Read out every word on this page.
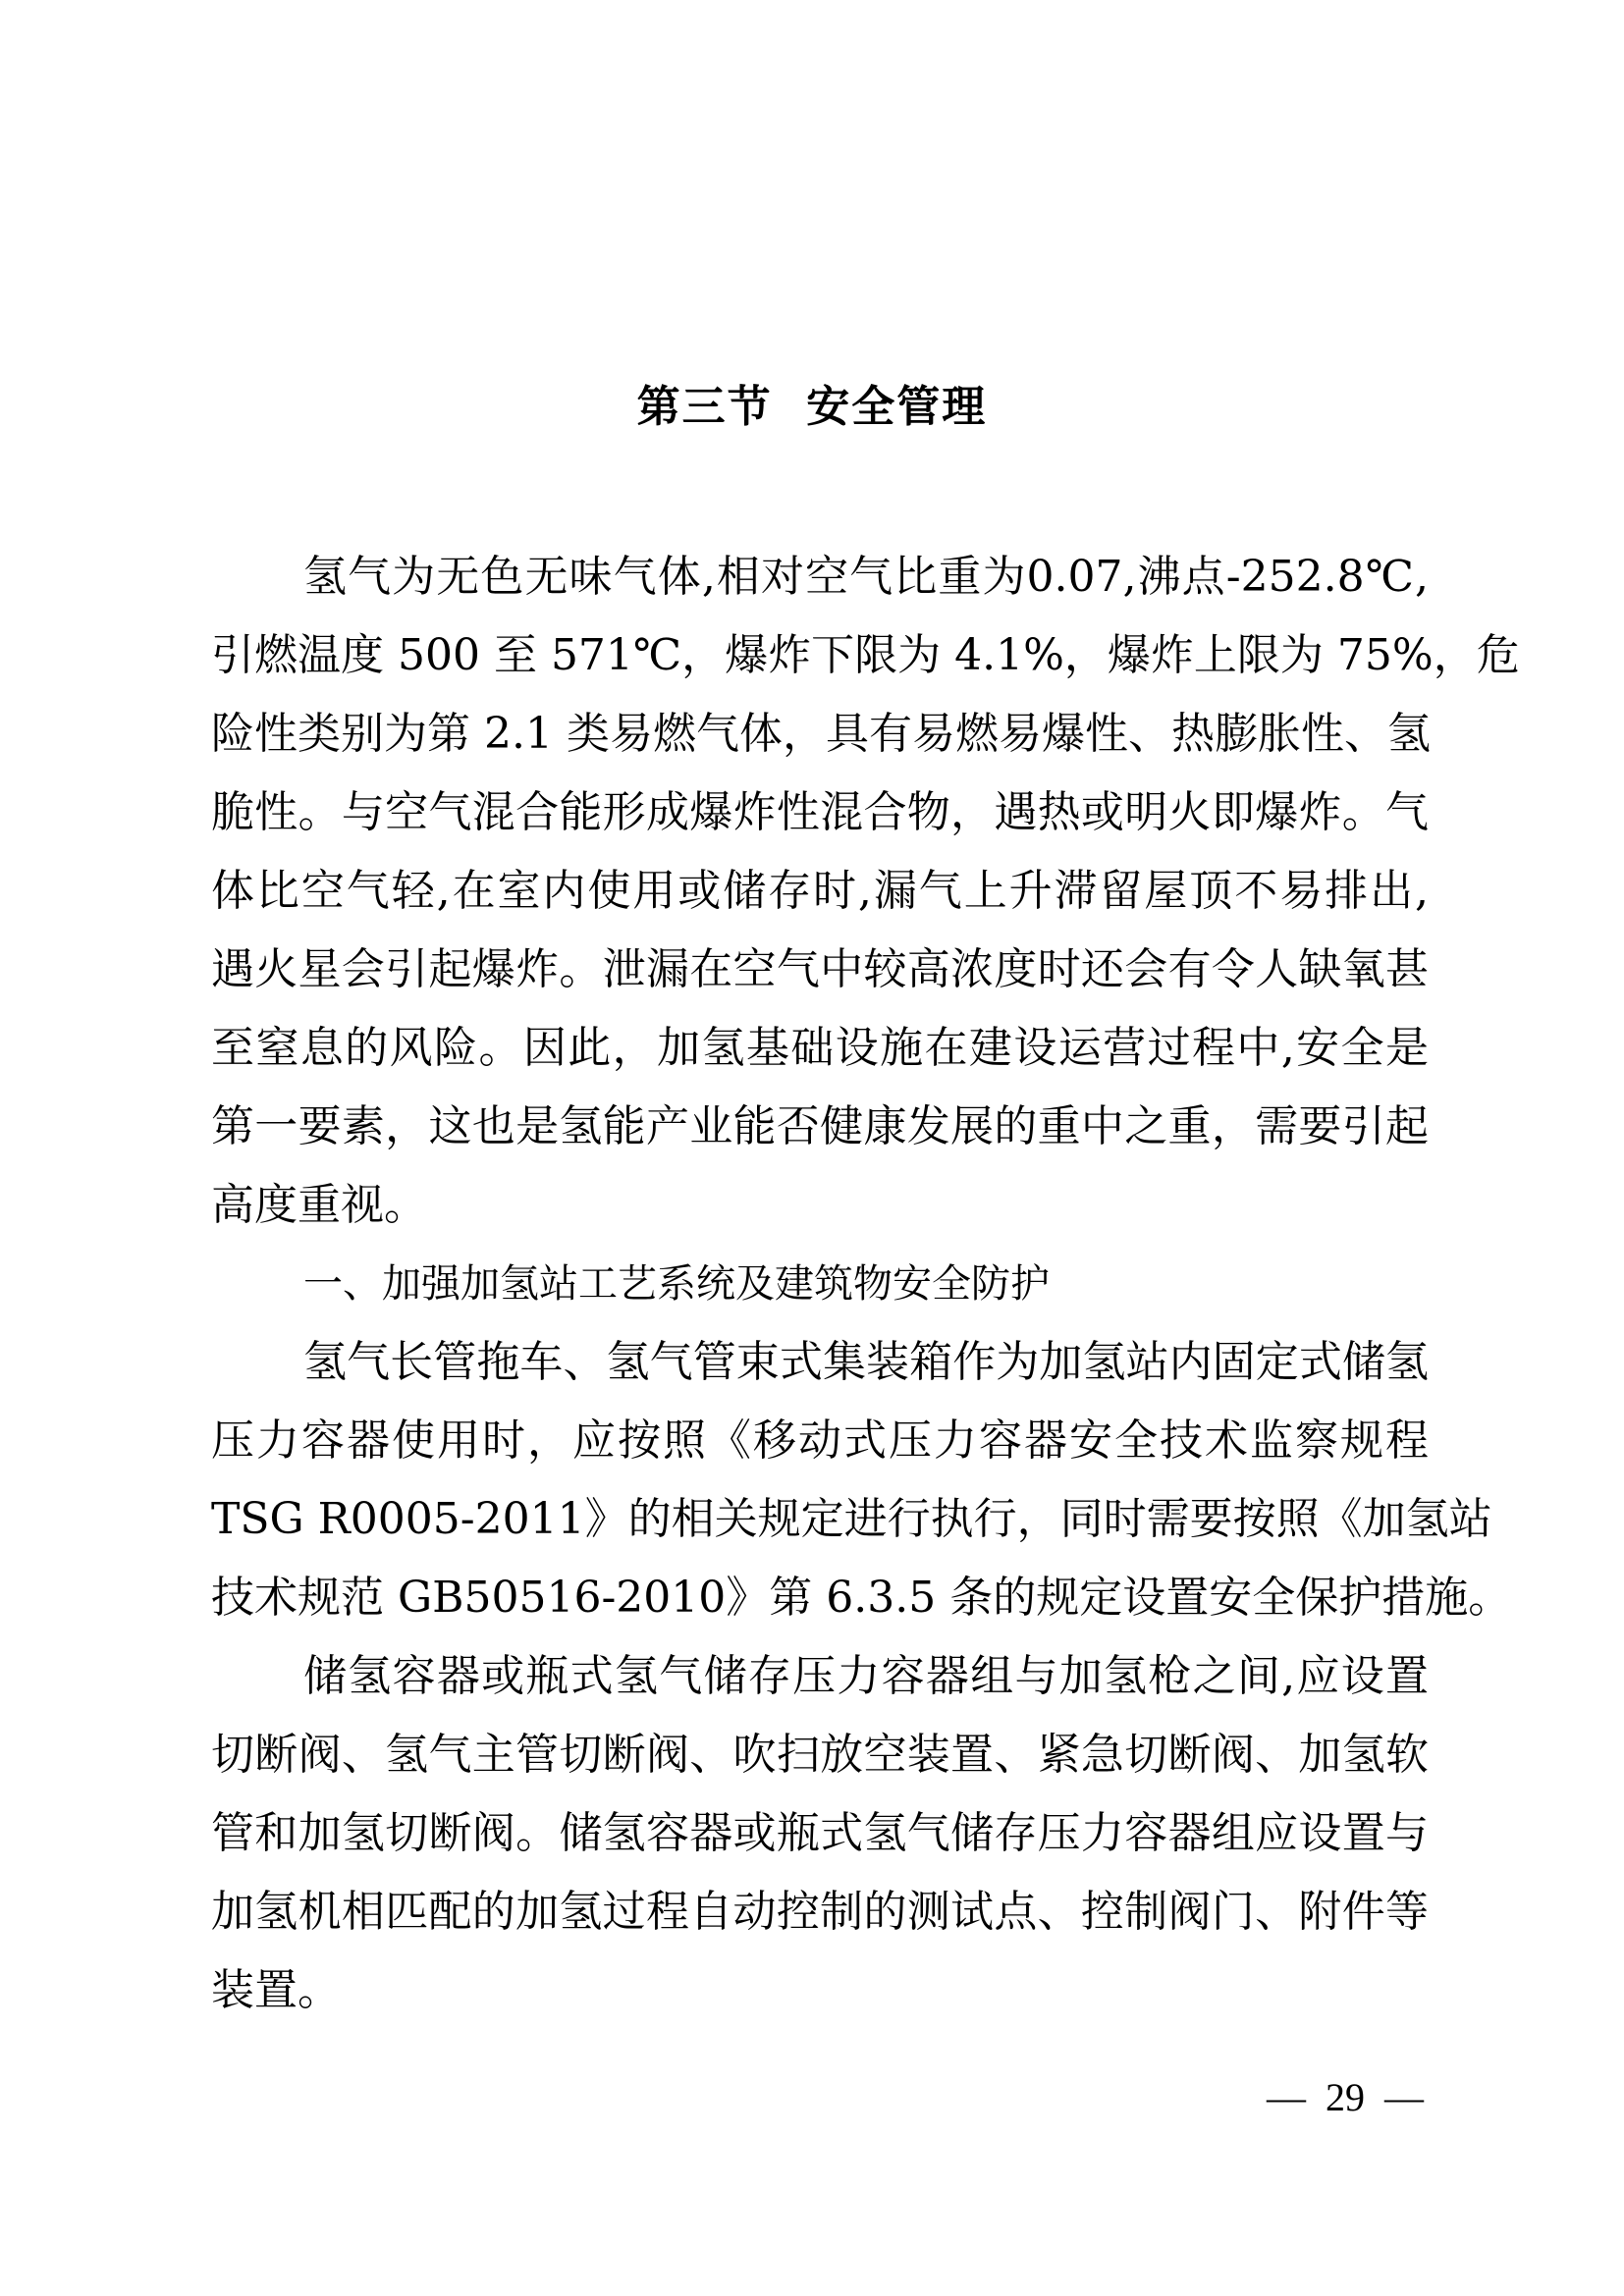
第三节  安全管理
氢气为无色无味气体,相对空气比重为0.07,沸点-252.8℃,
引燃温度 500 至 571℃，爆炸下限为 4.1%，爆炸上限为 75%，危
险性类别为第 2.1 类易燃气体，具有易燃易爆性、热膨胀性、氢
脆性。与空气混合能形成爆炸性混合物，遇热或明火即爆炸。气
体比空气轻,在室内使用或储存时,漏气上升滞留屋顶不易排出,
遇火星会引起爆炸。泄漏在空气中较高浓度时还会有令人缺氧甚
至窒息的风险。因此，加氢基础设施在建设运营过程中,安全是
第一要素，这也是氢能产业能否健康发展的重中之重，需要引起
高度重视。
一、加强加氢站工艺系统及建筑物安全防护
氢气长管拖车、氢气管束式集装箱作为加氢站内固定式储氢
压力容器使用时，应按照《移动式压力容器安全技术监察规程
TSG R0005-2011》的相关规定进行执行，同时需要按照《加氢站
技术规范 GB50516-2010》第 6.3.5 条的规定设置安全保护措施。
储氢容器或瓶式氢气储存压力容器组与加氢枪之间,应设置
切断阀、氢气主管切断阀、吹扫放空装置、紧急切断阀、加氢软
管和加氢切断阀。储氢容器或瓶式氢气储存压力容器组应设置与
加氢机相匹配的加氢过程自动控制的测试点、控制阀门、附件等
装置。
—  29  —
